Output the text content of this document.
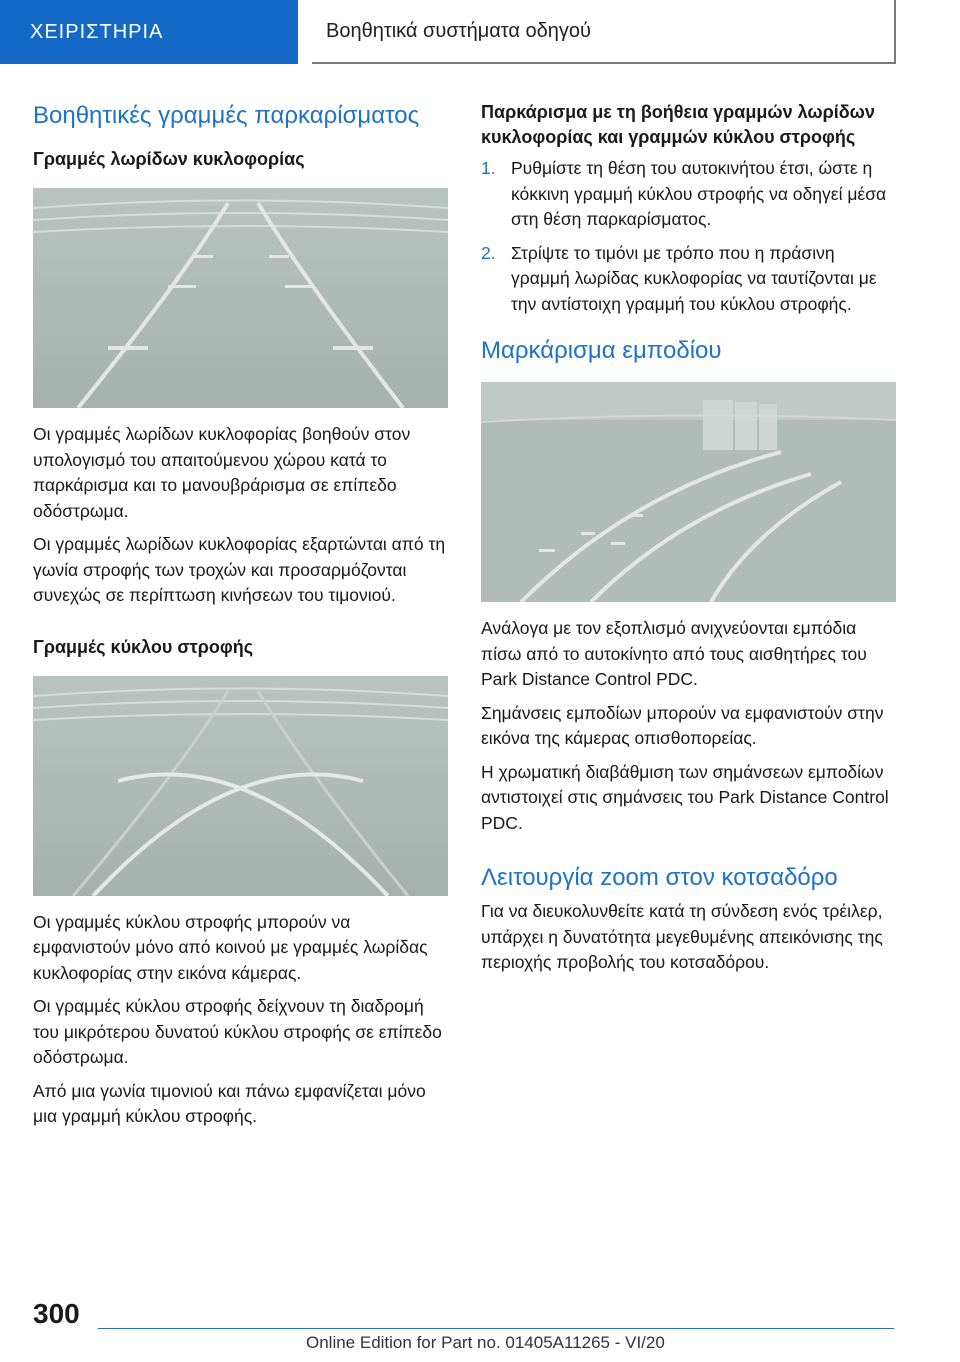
ΧΕΙΡΙΣΤΗΡΙΑ	Βοηθητικά συστήματα οδηγού
Βοηθητικές γραμμές παρκαρίσματος
Γραμμές λωρίδων κυκλοφορίας

Οι γραμμές λωρίδων κυκλοφορίας βοηθούν στον υπολογισμό του απαιτούμενου χώρου κατά το παρκάρισμα και το μανουβράρισμα σε επίπεδο οδόστρωμα.

Οι γραμμές λωρίδων κυκλοφορίας εξαρτώνται από τη γωνία στροφής των τροχών και προσαρμόζονται συνεχώς σε περίπτωση κινήσεων του τιμονιού.

Γραμμές κύκλου στροφής

Οι γραμμές κύκλου στροφής μπορούν να εμφανιστούν μόνο από κοινού με γραμμές λωρίδας κυκλοφορίας στην εικόνα κάμερας.

Οι γραμμές κύκλου στροφής δείχνουν τη διαδρομή του μικρότερου δυνατού κύκλου στροφής σε επίπεδο οδόστρωμα.

Από μια γωνία τιμονιού και πάνω εμφανίζεται μόνο μια γραμμή κύκλου στροφής.

Παρκάρισμα με τη βοήθεια γραμμών λωρίδων κυκλοφορίας και γραμμών κύκλου στροφής
1. Ρυθμίστε τη θέση του αυτοκινήτου έτσι, ώστε η κόκκινη γραμμή κύκλου στροφής να οδηγεί μέσα στη θέση παρκαρίσματος.
2. Στρίψτε το τιμόνι με τρόπο που η πράσινη γραμμή λωρίδας κυκλοφορίας να ταυτίζονται με την αντίστοιχη γραμμή του κύκλου στροφής.
Μαρκάρισμα εμποδίου

Ανάλογα με τον εξοπλισμό ανιχνεύονται εμπόδια πίσω από το αυτοκίνητο από τους αισθητήρες του Park Distance Control PDC.

Σημάνσεις εμποδίων μπορούν να εμφανιστούν στην εικόνα της κάμερας οπισθοπορείας.

Η χρωματική διαβάθμιση των σημάνσεων εμποδίων αντιστοιχεί στις σημάνσεις του Park Distance Control PDC.

Λειτουργία zoom στον κοτσαδόρο

Για να διευκολυνθείτε κατά τη σύνδεση ενός τρέιλερ, υπάρχει η δυνατότητα μεγεθυμένης απεικόνισης της περιοχής προβολής του κοτσαδόρου.

300
Online Edition for Part no. 01405A11265 - VI/20
